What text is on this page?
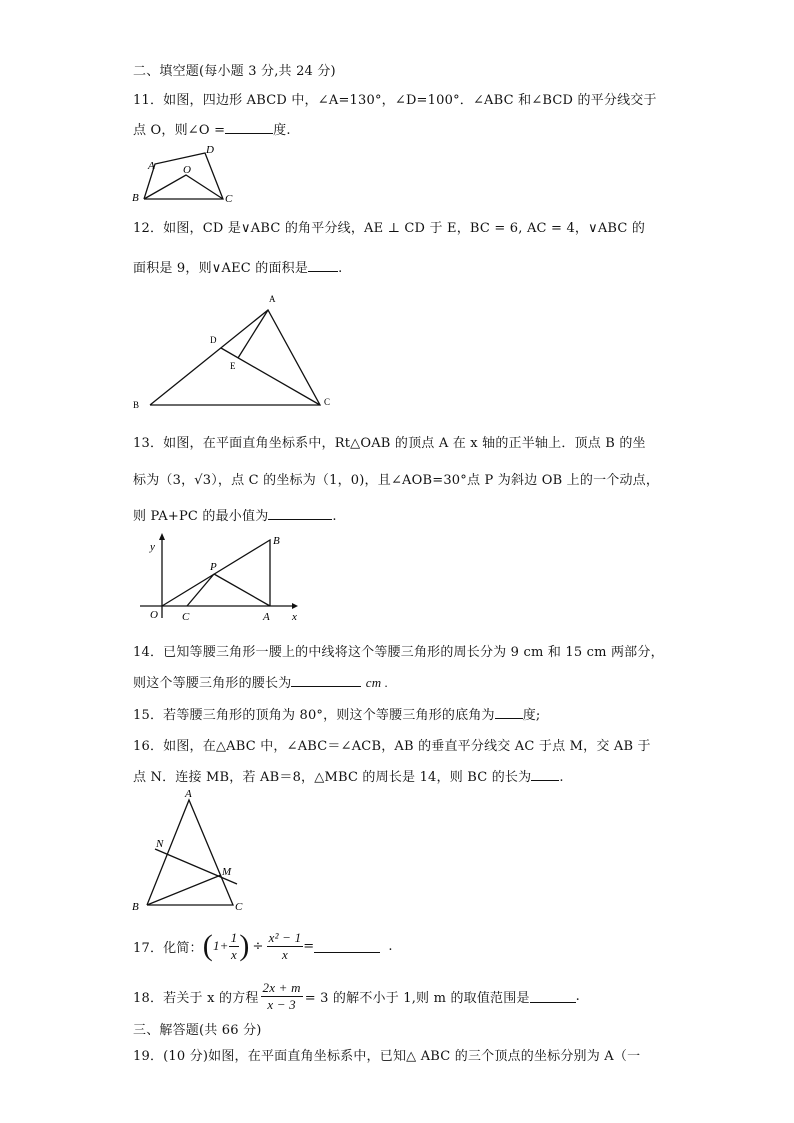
二、填空题(每小题 3 分,共 24 分)
11．如图，四边形 ABCD 中，∠A=130°，∠D=100°．∠ABC 和∠BCD 的平分线交于
点 O，则∠O =	度.
A
B	C
D
O
12．如图，CD 是∨ABC 的角平分线，AE ⊥ CD 于 E，BC = 6, AC = 4，∨ABC 的
面积是 9，则∨AEC 的面积是 .
A
B	C
D
E
13．如图，在平面直角坐标系中，Rt△OAB 的顶点 A 在 x 轴的正半轴上．顶点 B 的坐
标为（3，√3），点 C 的坐标为（1，0)，且∠AOB=30°点 P 为斜边 OB 上的一个动点，
则 PA+PC 的最小值为	.
y
x
O C	A
B
P
14．已知等腰三角形一腰上的中线将这个等腰三角形的周长分为 9 cm 和 15 cm 两部分，
则这个等腰三角形的腰长为	cm .
15．若等腰三角形的顶角为 80°，则这个等腰三角形的底角为 度;
16．如图，在△ABC 中，∠ABC＝∠ACB，AB 的垂直平分线交 AC 于点 M，交 AB 于
点 N．连接 MB，若 AB＝8，△MBC 的周长是 14，则 BC 的长为 .
A
B	C
M
N
17．化简： ( $1+ \frac{1}{x}$ ) ÷ $\frac{\text{x² − 1}}{x}$ =	.
18．若关于 x 的方程 $\frac{2x + m}{x - 3} = 3$ 的解不小于 1,则 m 的取值范围是	.
三、解答题(共 66 分)
19．(10 分)如图，在平面直角坐标系中，已知△ ABC 的三个顶点的坐标分别为 A（一
